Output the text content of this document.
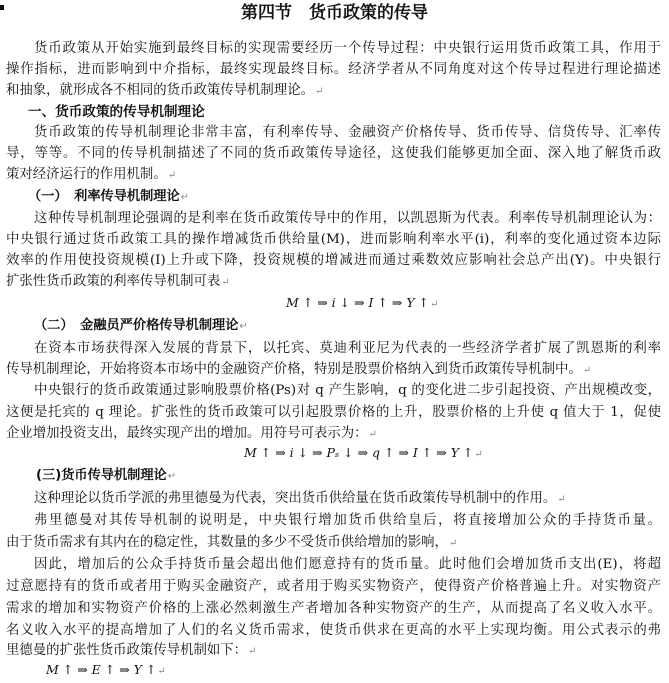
第四节　货币政策的传导
货币政策从开始实施到最终目标的实现需要经历一个传导过程：中央银行运用货币政策工具，作用于
操作指标，进而影响到中介指标，最终实现最终目标。经济学者从不同角度对这个传导过程进行理论描述
和抽象，就形成各不相同的货币政策传导机制理论。↵
一、货币政策的传导机制理论
货币政策的传导机制理论非常丰富，有利率传导、金融资产价格传导、货币传导、信贷传导、汇率传
导，等等。不同的传导机制描述了不同的货币政策传导途径，这使我们能够更加全面、深入地了解货币政
策对经济运行的作用机制。↵
（一）　利率传导机制理论↵
这种传导机制理论强调的是利率在货币政策传导中的作用，以凯恩斯为代表。利率传导机制理论认为：
中央银行通过货币政策工具的操作增减货币供给量(M)，进而影响利率水平(i)，利率的变化通过资本边际
效率的作用使投资规模(I)上升或下降，投资规模的增减进而通过乘数效应影响社会总产出(Y)。中央银行
扩张性货币政策的利率传导机制可表↵
M ↑ ⇒ i ↓ ⇒ I ↑ ⇒ Y ↑↵
（二）　金融员严价格传导机制理论↵
在资本市场获得深入发展的背景下，以托宾、莫迪利亚尼为代表的一些经济学者扩展了凯恩斯的利率
传导机制理论，开始将资本市场中的金融资产价格，特别是股票价格纳入到货币政策传导机制中。↵
中央银行的货币政策通过影响股票价格(Ps)对 q 产生影响，q 的变化进二步引起投资、产出规模改变，
这便是托宾的 q 理论。扩张性的货币政策可以引起股票价格的上升，股票价格的上升使 q 值大于 1，促使
企业增加投资支出，最终实现产出的增加。用符号可表示为：↵
M ↑ ⇒ i ↓ ⇒ Pₛ ↓ ⇒ q ↑ ⇒ I ↑ ⇒ Y ↑↵
(三)货币传导机制理论↵
这种理论以货币学派的弗里德曼为代表，突出货币供给量在货币政策传导机制中的作用。↵
弗里德曼对其传导机制的说明是，中央银行增加货币供给皇后，将直接增加公众的手持货币量。
由于货币需求有其内在的稳定性，其数量的多少不受货币供给增加的影响，↵
因此，增加后的公众手持货币量会超出他们愿意持有的货币量。此时他们会增加货币支出(E)，将超
过意愿持有的货币或者用于购买金融资产，或者用于购买实物资产，使得资产价格普遍上升。对实物资产
需求的增加和实物资产价格的上涨必然刺激生产者增加各种实物资产的生产，从而提高了名义收入水平。
名义收入水平的提高增加了人们的名义货币需求，使货币供求在更高的水平上实现均衡。用公式表示的弗
里德曼的扩张性货币政策传导机制如下：↵
M ↑ ⇒ E ↑ ⇒ Y ↑↵
